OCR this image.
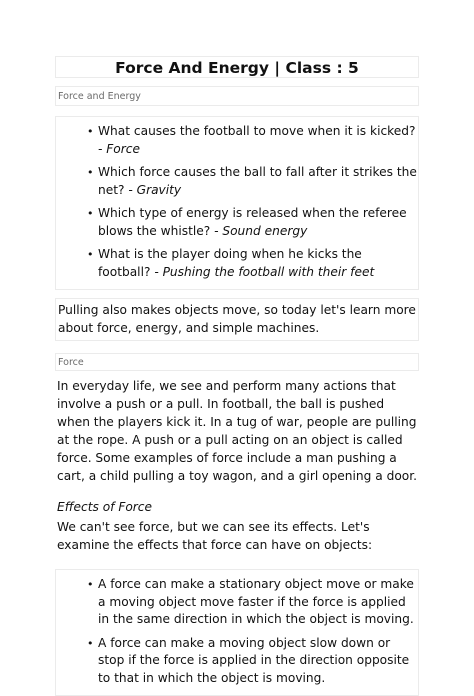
Force And Energy | Class : 5
Force and Energy
• What causes the football to move when it is kicked? - Force
• Which force causes the ball to fall after it strikes the net? - Gravity
• Which type of energy is released when the referee blows the whistle? - Sound energy
• What is the player doing when he kicks the football? - Pushing the football with their feet
Pulling also makes objects move, so today let's learn more about force, energy, and simple machines.
Force
In everyday life, we see and perform many actions that involve a push or a pull. In football, the ball is pushed when the players kick it. In a tug of war, people are pulling at the rope. A push or a pull acting on an object is called force. Some examples of force include a man pushing a cart, a child pulling a toy wagon, and a girl opening a door.
Effects of Force
We can't see force, but we can see its effects. Let's examine the effects that force can have on objects:
• A force can make a stationary object move or make a moving object move faster if the force is applied in the same direction in which the object is moving.
• A force can make a moving object slow down or stop if the force is applied in the direction opposite to that in which the object is moving.
